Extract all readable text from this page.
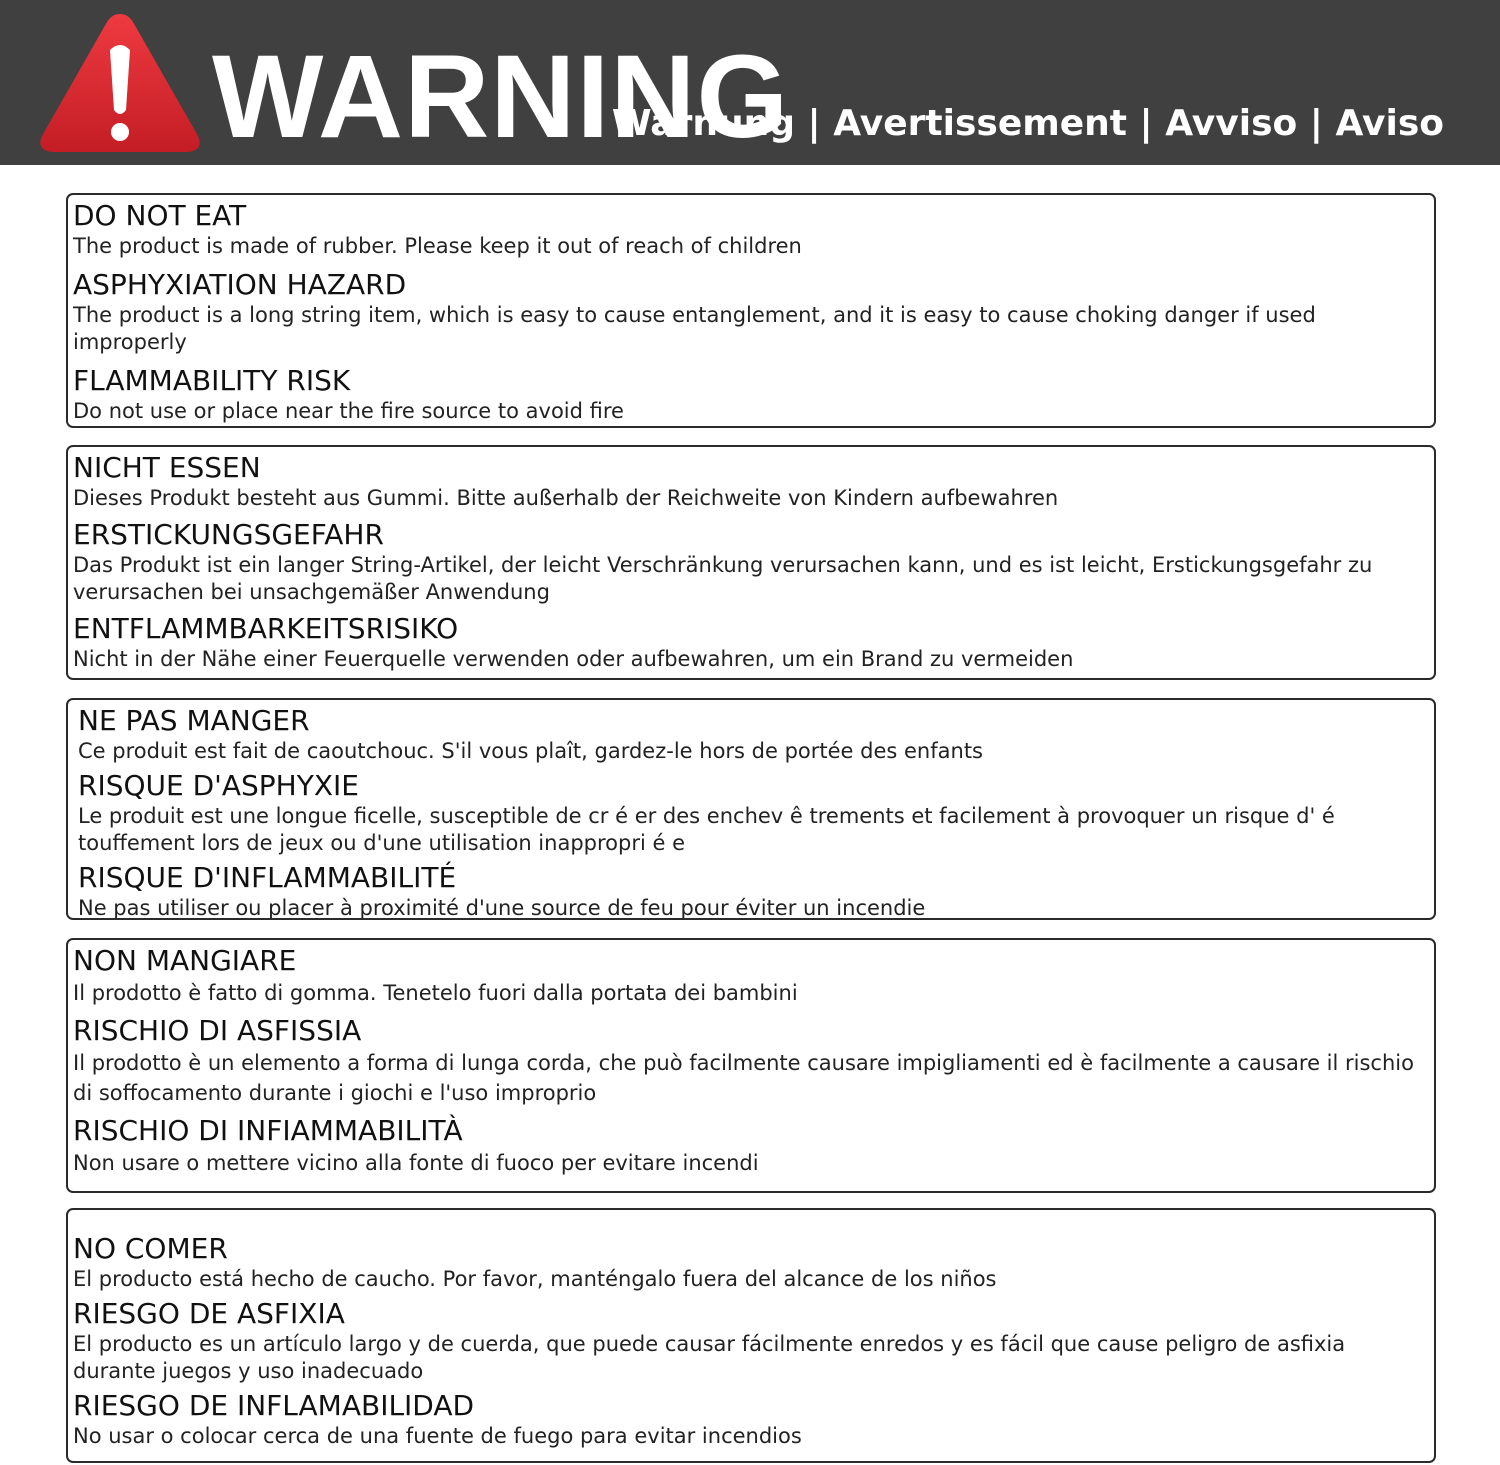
WARNING
Warnung | Avertissement | Avviso | Aviso
DO NOT EAT

The product is made of rubber. Please keep it out of reach of children

ASPHYXIATION HAZARD

The product is a long string item, which is easy to cause entanglement, and it is easy to cause choking danger if used improperly

FLAMMABILITY RISK

Do not use or place near the fire source to avoid fire

NICHT ESSEN

Dieses Produkt besteht aus Gummi. Bitte außerhalb der Reichweite von Kindern aufbewahren

ERSTICKUNGSGEFAHR

Das Produkt ist ein langer String-Artikel, der leicht Verschränkung verursachen kann, und es ist leicht, Erstickungsgefahr zu verursachen bei unsachgemäßer Anwendung

ENTFLAMMBARKEITSRISIKO

Nicht in der Nähe einer Feuerquelle verwenden oder aufbewahren, um ein Brand zu vermeiden

NE PAS MANGER

Ce produit est fait de caoutchouc. S'il vous plaît, gardez-le hors de portée des enfants

RISQUE D'ASPHYXIE

Le produit est une longue ficelle, susceptible de cr é er des enchev ê trements et facilement à provoquer un risque d' é touffement lors de jeux ou d'une utilisation inappropri é e

RISQUE D'INFLAMMABILITÉ

Ne pas utiliser ou placer à proximité d'une source de feu pour éviter un incendie

NON MANGIARE

Il prodotto è fatto di gomma. Tenetelo fuori dalla portata dei bambini

RISCHIO DI ASFISSIA

Il prodotto è un elemento a forma di lunga corda, che può facilmente causare impigliamenti ed è facilmente a causare il rischio di soffocamento durante i giochi e l'uso improprio

RISCHIO DI INFIAMMABILITÀ

Non usare o mettere vicino alla fonte di fuoco per evitare incendi

NO COMER

El producto está hecho de caucho. Por favor, manténgalo fuera del alcance de los niños

RIESGO DE ASFIXIA

El producto es un artículo largo y de cuerda, que puede causar fácilmente enredos y es fácil que cause peligro de asfixia durante juegos y uso inadecuado

RIESGO DE INFLAMABILIDAD

No usar o colocar cerca de una fuente de fuego para evitar incendios
